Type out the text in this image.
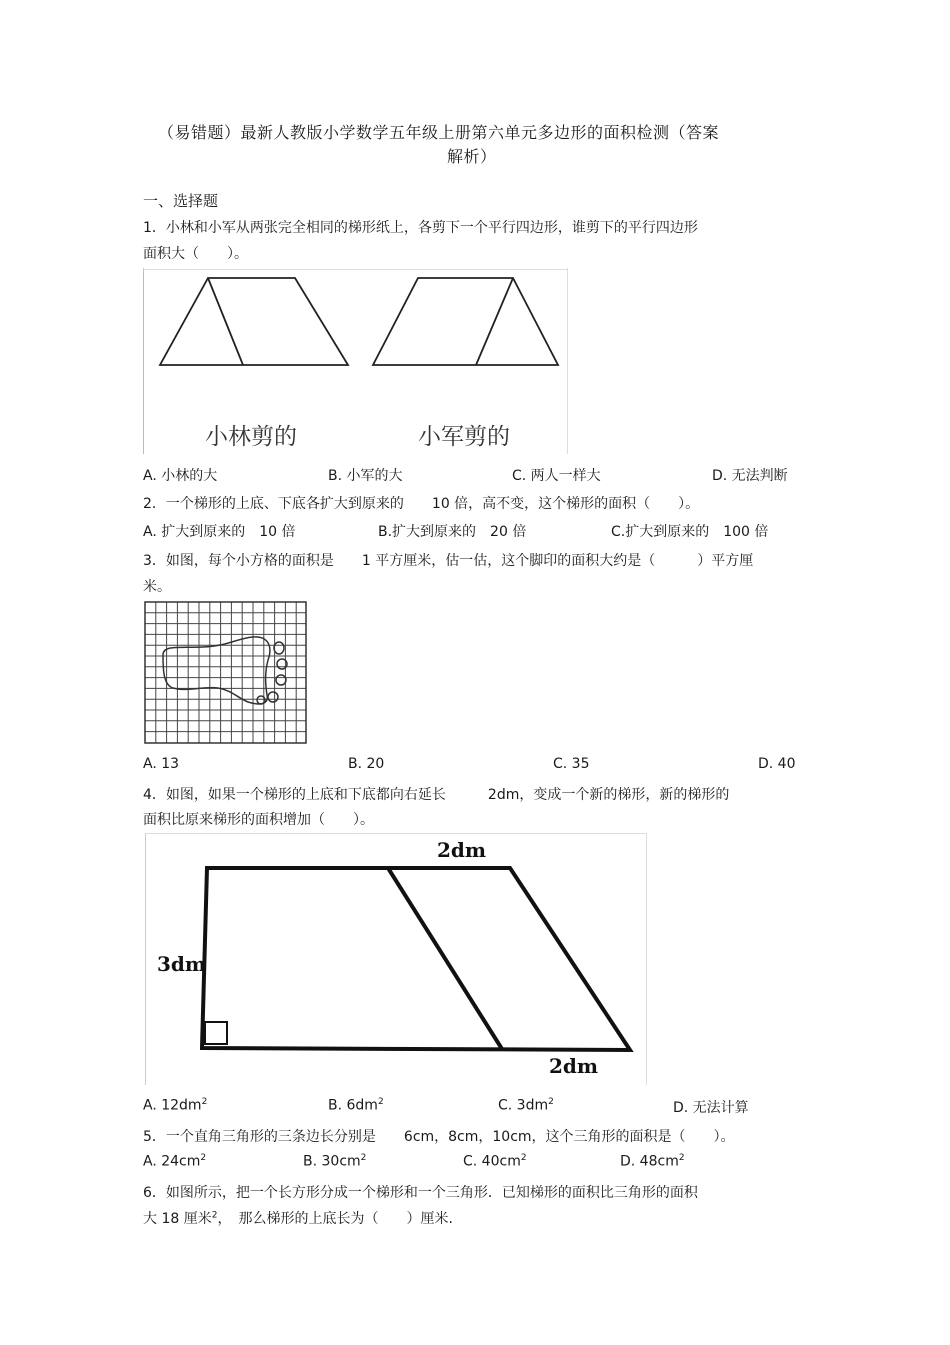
（易错题）最新人教版小学数学五年级上册第六单元多边形的面积检测（答案
解析）
一、选择题
1．小林和小军从两张完全相同的梯形纸上，各剪下一个平行四边形，谁剪下的平行四边形
面积大（　　）。
小林剪的	小军剪的
A. 小林的大	B. 小军的大	C. 两人一样大	D. 无法判断
2．一个梯形的上底、下底各扩大到原来的　　10 倍，高不变，这个梯形的面积（　　）。
A. 扩大到原来的　10 倍	B.扩大到原来的　20 倍	C.扩大到原来的　100 倍
3．如图，每个小方格的面积是　　1 平方厘米，估一估，这个脚印的面积大约是（　　　）平方厘
米。
A. 13	B. 20	C. 35	D. 40
4．如图，如果一个梯形的上底和下底都向右延长　　　2dm，变成一个新的梯形，新的梯形的
面积比原来梯形的面积增加（　　）。
2dm
3dm
2dm
A. $12dm^2$	B. $6dm^2$	C. $3dm^2$	D. 无法计算
5．一个直角三角形的三条边长分别是　　6cm，8cm，10cm，这个三角形的面积是（　　）。
A. $24cm^2$	B. $30cm^2$	C. $40cm^2$	D. $48cm^2$
6．如图所示，把一个长方形分成一个梯形和一个三角形．已知梯形的面积比三角形的面积
大 18 厘米$^2$，　那么梯形的上底长为（　　）厘米.
